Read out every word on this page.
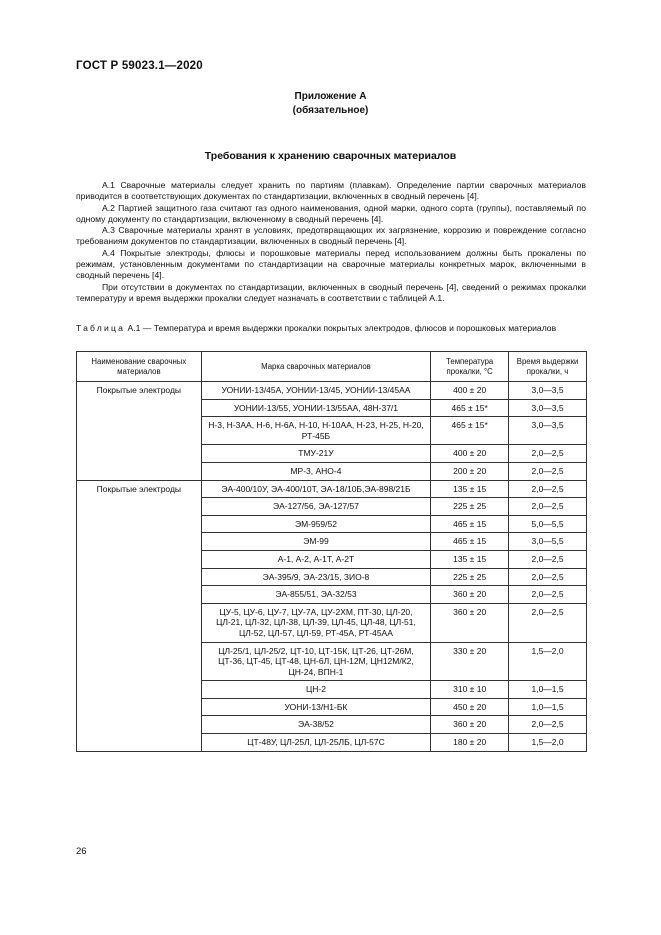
ГОСТ Р 59023.1—2020
Приложение А
(обязательное)
Требования к хранению сварочных материалов

А.1 Сварочные материалы следует хранить по партиям (плавкам). Определение партии сварочных материалов приводится в соответствующих документах по стандартизации, включенных в сводный перечень [4].

А.2 Партией защитного газа считают газ одного наименования, одной марки, одного сорта (группы), поставляемый по одному документу по стандартизации, включенному в сводный перечень [4].

А.3 Сварочные материалы хранят в условиях, предотвращающих их загрязнение, коррозию и повреждение согласно требованиям документов по стандартизации, включенных в сводный перечень [4].

А.4 Покрытые электроды, флюсы и порошковые материалы перед использованием должны быть прокалены по режимам, установленным документами по стандартизации на сварочные материалы конкретных марок, включенными в сводный перечень [4].

При отсутствии в документах по стандартизации, включенных в сводный перечень [4], сведений о режимах прокалки температуру и время выдержки прокалки следует назначать в соответствии с таблицей А.1.

Таблица А.1 — Температура и время выдержки прокалки покрытых электродов, флюсов и порошковых материалов
Наименование сварочных материалов	Марка сварочных материалов	Температура прокалки, °С	Время выдержки прокалки, ч
Покрытые электроды	УОНИИ-13/45А, УОНИИ-13/45, УОНИИ-13/45АА	400 ± 20	3,0—3,5
	УОНИИ-13/55, УОНИИ-13/55АА, 48Н-37/1	465 ± 15*	3,0—3,5
	Н-3, Н-3АА, Н-6, Н-6А, Н-10, Н-10АА, Н-23, Н-25, Н-20, РТ-45Б	465 ± 15*	3,0—3,5
	ТМУ-21У	400 ± 20	2,0—2,5
	МР-3, АНО-4	200 ± 20	2,0—2,5
Покрытые электроды	ЭА-400/10У, ЭА-400/10Т, ЭА-18/10Б,ЭА-898/21Б	135 ± 15	2,0—2,5
	ЭА-127/56, ЭА-127/57	225 ± 25	2,0—2,5
	ЭМ-959/52	465 ± 15	5,0—5,5
	ЭМ-99	465 ± 15	3,0—5,5
	А-1, А-2, А-1Т, А-2Т	135 ± 15	2,0—2,5
	ЭА-395/9, ЭА-23/15, ЗИО-8	225 ± 25	2,0—2,5
	ЭА-855/51, ЭА-32/53	360 ± 20	2,0—2,5
	ЦУ-5, ЦУ-6, ЦУ-7, ЦУ-7А, ЦУ-2ХМ, ПТ-30, ЦЛ-20, ЦЛ-21, ЦЛ-32, ЦЛ-38, ЦЛ-39, ЦЛ-45, ЦЛ-48, ЦЛ-51, ЦЛ-52, ЦЛ-57, ЦЛ-59, РТ-45А, РТ-45АА	360 ± 20	2,0—2,5
	ЦЛ-25/1, ЦЛ-25/2, ЦТ-10, ЦТ-15К, ЦТ-26, ЦТ-26М, ЦТ-36, ЦТ-45, ЦТ-48, ЦН-6Л, ЦН-12М, ЦН12М/К2, ЦН-24, ВПН-1	330 ± 20	1,5—2,0
	ЦН-2	310 ± 10	1,0—1,5
	УОНИ-13/Н1-БК	450 ± 20	1,0—1,5
	ЭА-38/52	360 ± 20	2,0—2,5
	ЦТ-48У, ЦЛ-25Л, ЦЛ-25ЛБ, ЦЛ-57С	180 ± 20	1,5—2,0
26
